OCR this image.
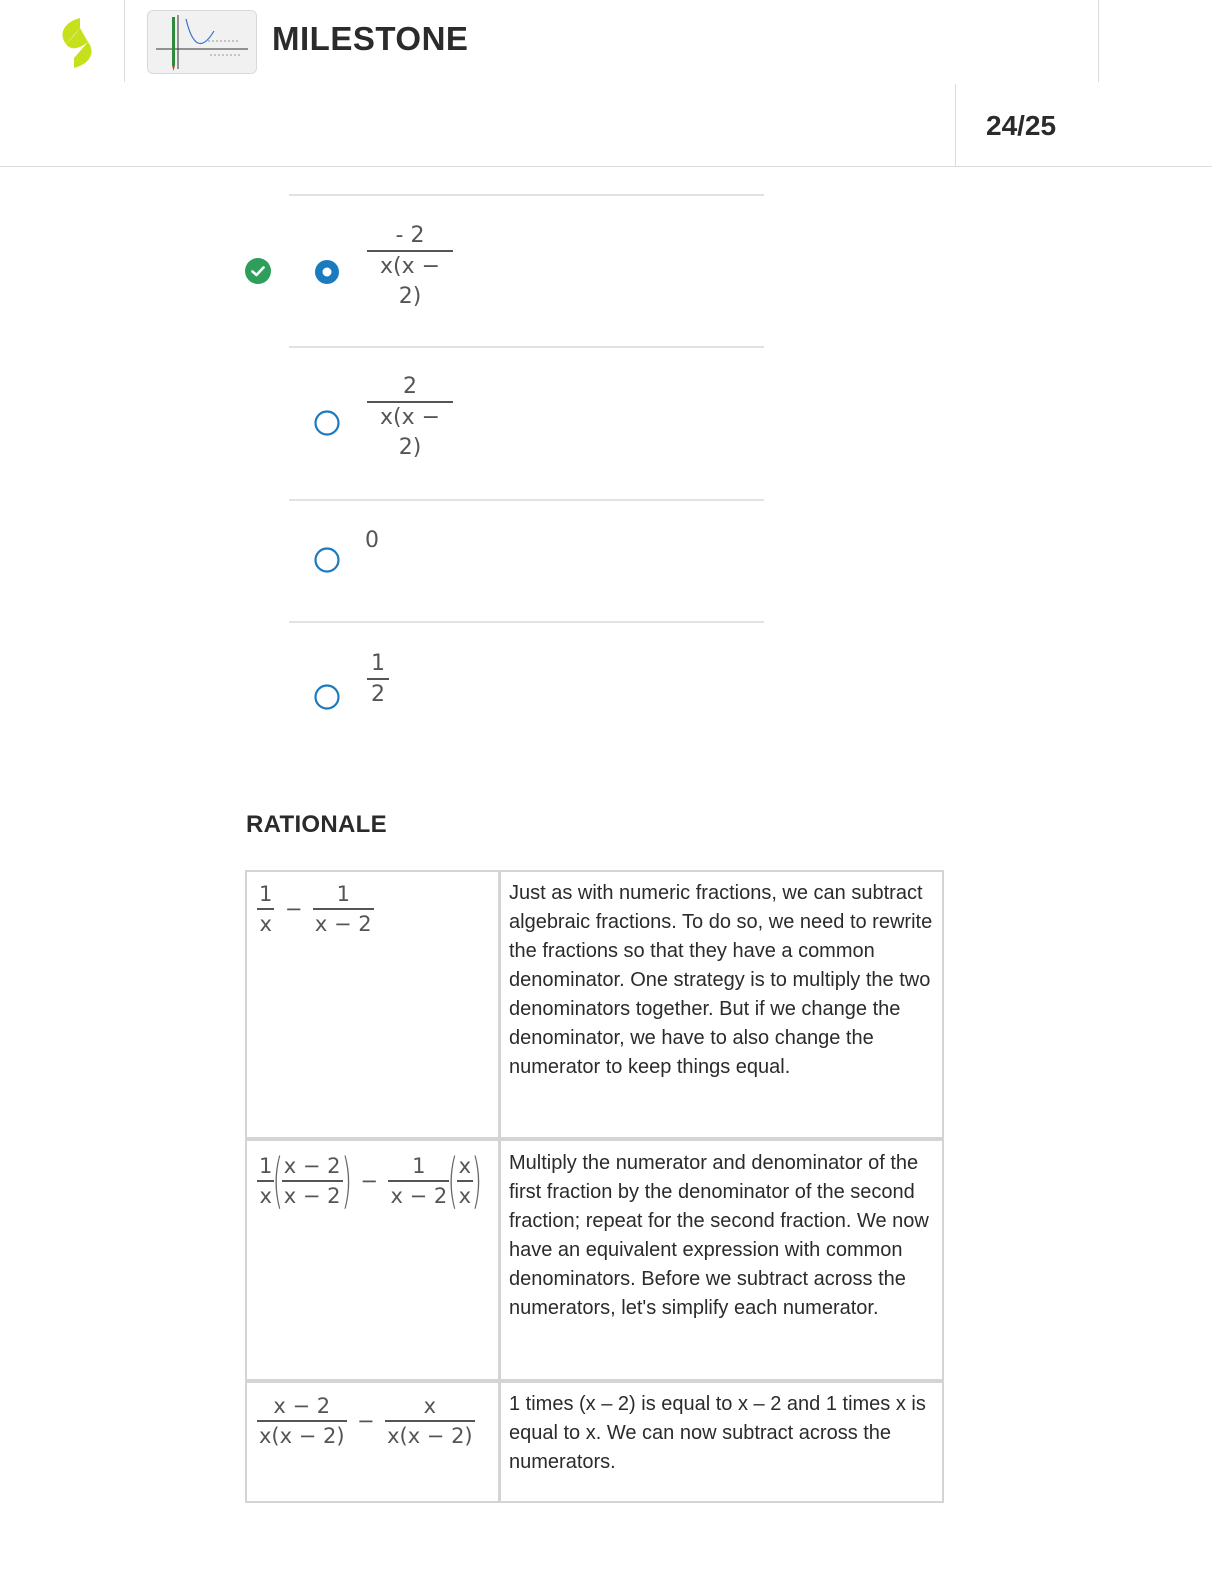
MILESTONE
24/25
- 2
x(x − 2)
2
x(x − 2)
0
1
2
RATIONALE
$\frac{1}{x} - \frac{1}{x - 2}$	Just as with numeric fractions, we can subtract algebraic fractions. To do so, we need to rewrite the fractions so that they have a common denominator. One strategy is to multiply the two denominators together. But if we change the denominator, we have to also change the numerator to keep things equal.
$\frac{1}{x}$
(
$\frac{x - 2}{x - 2}$
) − $\frac{1}{x - 2}$
(
$\frac{x}{x}$
) Multiply the numerator and denominator of the first fraction by the denominator of the second fraction; repeat for the second fraction. We now have an equivalent expression with common denominators. Before we subtract across the numerators, let's simplify each numerator.
$\frac{x - 2}{x(x - 2)} - \frac{x}{x(x - 2)} 1$ times (x – 2) is equal to x – 2 and 1 times x is equal to x. We can now subtract across the numerators.
